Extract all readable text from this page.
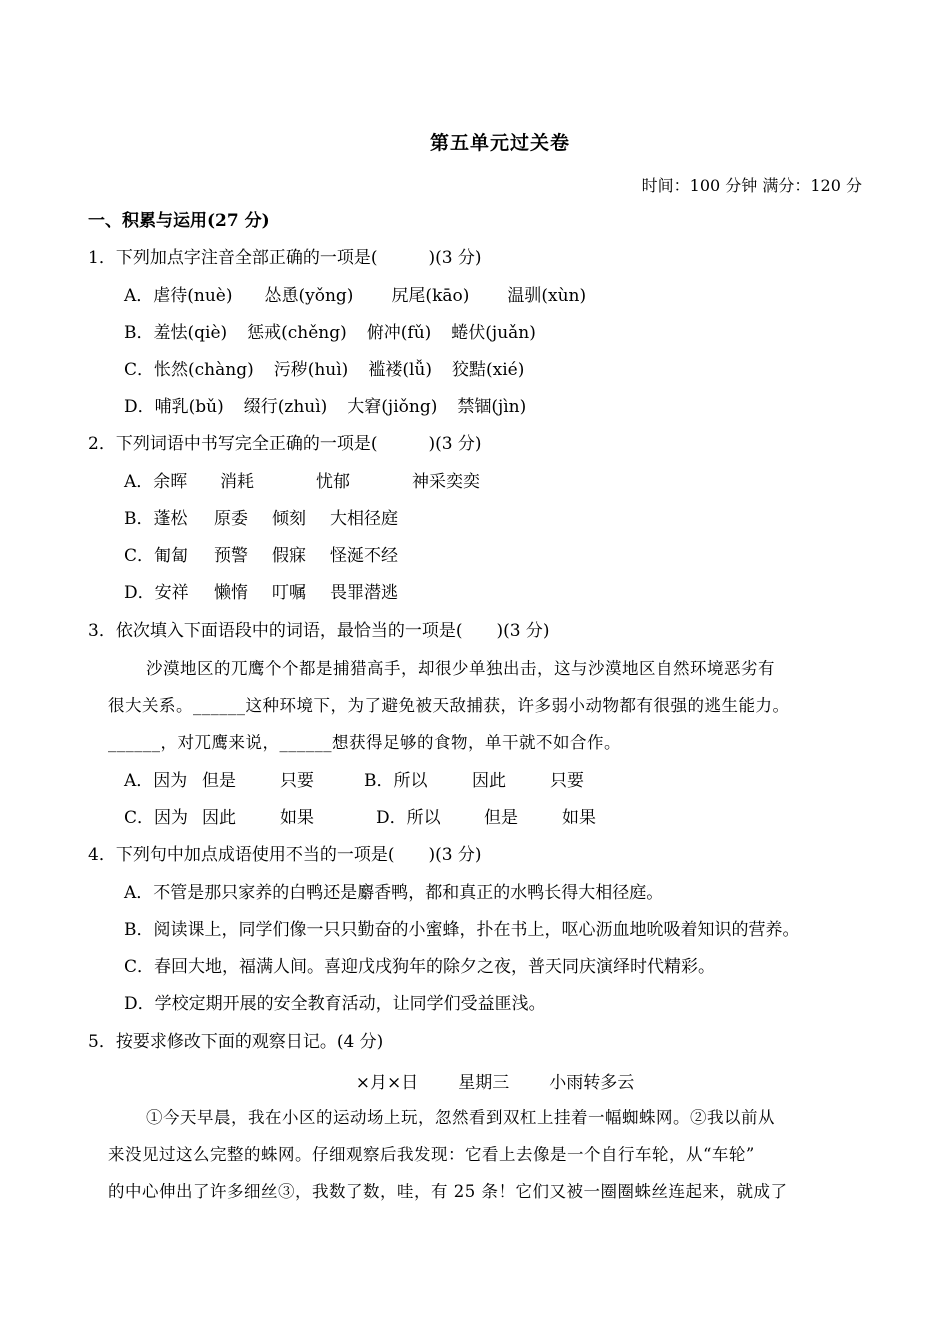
第五单元过关卷
时间：100 分钟 满分：120 分
一、积累与运用(27 分)
1．下列加点字注音全部正确的一项是(　　　)(3 分)
A．虐待(nuè) 怂恿(yǒng) 尻尾(kāo) 温驯(xùn)
B．羞怯(qiè) 惩戒(chěng) 俯冲(fǔ) 蜷伏(juǎn)
C．怅然(chàng) 污秽(huì) 褴褛(lǚ) 狡黠(xié)
D．哺乳(bǔ) 缀行(zhuì) 大窘(jiǒng) 禁锢(jìn)
2．下列词语中书写完全正确的一项是(　　　)(3 分)
A．余晖 消耗	忧郁	神采奕奕
B．蓬松 原委 倾刻 大相径庭
C．匍匐 预警 假寐 怪涎不经
D．安祥 懒惰 叮嘱 畏罪潜逃
3．依次填入下面语段中的词语，最恰当的一项是(　　)(3 分)
沙漠地区的兀鹰个个都是捕猎高手，却很少单独出击，这与沙漠地区自然环境恶劣有
很大关系。______这种环境下，为了避免被天敌捕获，许多弱小动物都有很强的逃生能力。
______，对兀鹰来说，______想获得足够的食物，单干就不如合作。
A．因为 但是	只要	B．所以	因此	只要
C．因为 因此	如果	D．所以	但是	如果
4．下列句中加点成语使用不当的一项是(　　)(3 分)
A．不管是那只家养的白鸭还是麝香鸭，都和真正的水鸭长得大相径庭。
B．阅读课上，同学们像一只只勤奋的小蜜蜂，扑在书上，呕心沥血地吮吸着知识的营养。
C．春回大地，福满人间。喜迎戊戌狗年的除夕之夜，普天同庆演绎时代精彩。
D．学校定期开展的安全教育活动，让同学们受益匪浅。
5．按要求修改下面的观察日记。(4 分)
×月×日 星期三 小雨转多云
①今天早晨，我在小区的运动场上玩，忽然看到双杠上挂着一幅蜘蛛网。②我以前从
来没见过这么完整的蛛网。仔细观察后我发现：它看上去像是一个自行车轮，从“车轮”
的中心伸出了许多细丝③，我数了数，哇，有 25 条！它们又被一圈圈蛛丝连起来，就成了
